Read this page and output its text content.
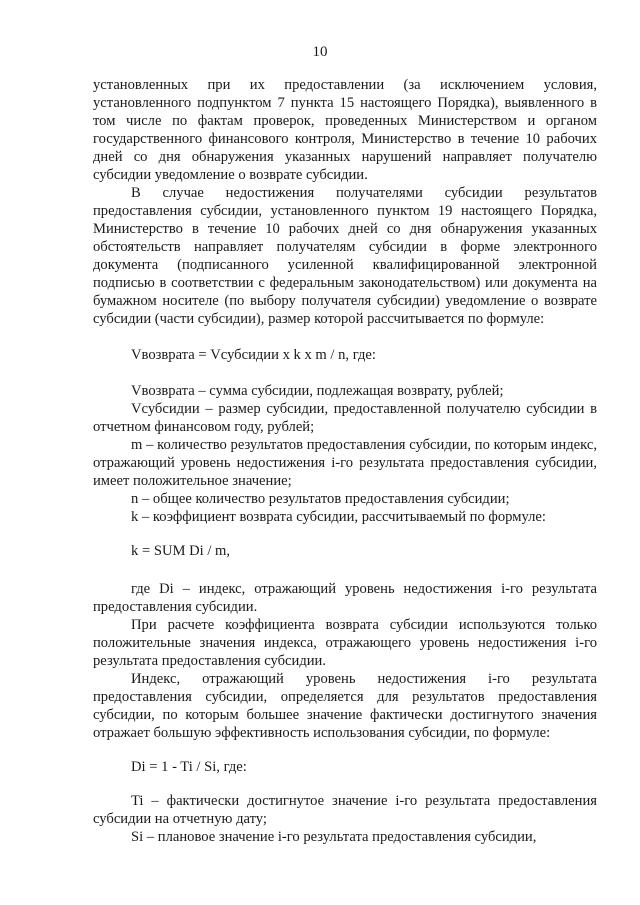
10

установленных при их предоставлении (за исключением условия, установленного подпунктом 7 пункта 15 настоящего Порядка), выявленного в том числе по фактам проверок, проведенных Министерством и органом государственного финансового контроля, Министерство в течение 10 рабочих дней со дня обнаружения указанных нарушений направляет получателю субсидии уведомление о возврате субсидии.

В случае недостижения получателями субсидии результатов предоставления субсидии, установленного пунктом 19 настоящего Порядка, Министерство в течение 10 рабочих дней со дня обнаружения указанных обстоятельств направляет получателям субсидии в форме электронного документа (подписанного усиленной квалифицированной электронной подписью в соответствии с федеральным законодательством) или документа на бумажном носителе (по выбору получателя субсидии) уведомление о возврате субсидии (части субсидии), размер которой рассчитывается по формуле:

Vвозврата = Vсубсидии x k x m / n, где:

Vвозврата – сумма субсидии, подлежащая возврату, рублей;

Vсубсидии – размер субсидии, предоставленной получателю субсидии в отчетном финансовом году, рублей;

m – количество результатов предоставления субсидии, по которым индекс, отражающий уровень недостижения i-го результата предоставления субсидии, имеет положительное значение;

n – общее количество результатов предоставления субсидии;

k – коэффициент возврата субсидии, рассчитываемый по формуле:

k = SUM Di / m,

где Di – индекс, отражающий уровень недостижения i-го результата предоставления субсидии.

При расчете коэффициента возврата субсидии используются только положительные значения индекса, отражающего уровень недостижения i-го результата предоставления субсидии.

Индекс, отражающий уровень недостижения i-го результата предоставления субсидии, определяется для результатов предоставления субсидии, по которым большее значение фактически достигнутого значения отражает большую эффективность использования субсидии, по формуле:

Di = 1 - Ti / Si, где:

Ti – фактически достигнутое значение i-го результата предоставления субсидии на отчетную дату;

Si – плановое значение i-го результата предоставления субсидии,
